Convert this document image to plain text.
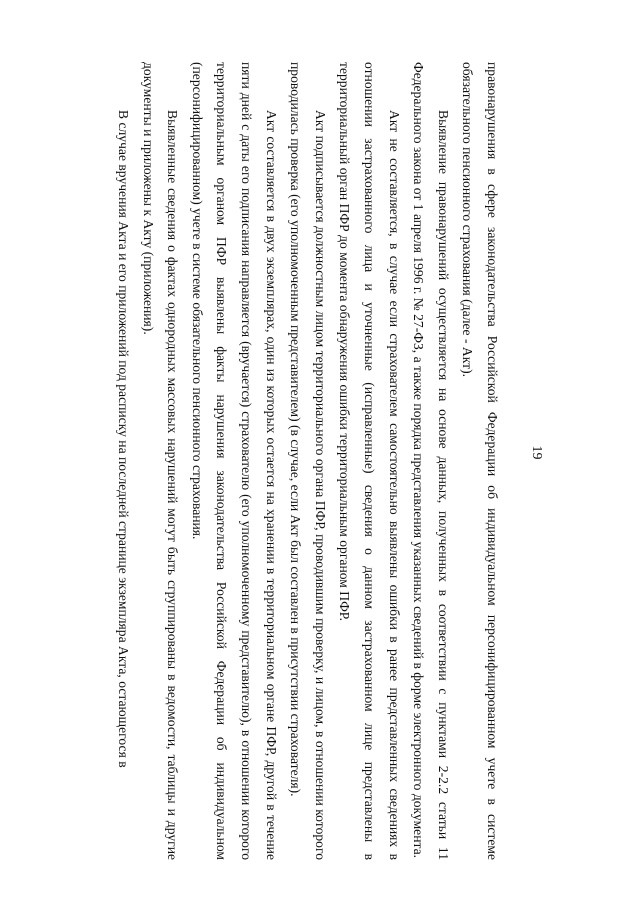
19

правонарушения в сфере законодательства Российской Федерации об индивидуальном персонифицированном учете в системе обязательного пенсионного страхования (далее - Акт).

Выявление правонарушений осуществляется на основе данных, полученных в соответствии с пунктами 2-2.2 статьи 11 Федерального закона от 1 апреля 1996 г. № 27-ФЗ, а также порядка представления указанных сведений в форме электронного документа.

Акт не составляется, в случае если страхователем самостоятельно выявлены ошибки в ранее представленных сведениях в отношении застрахованного лица и уточненные (исправленные) сведения о данном застрахованном лице представлены в территориальный орган ПФР до момента обнаружения ошибки территориальным органом ПФР.

Акт подписывается должностным лицом территориального органа ПФР, проводившим проверку, и лицом, в отношении которого проводилась проверка (его уполномоченным представителем) (в случае, если Акт был составлен в присутствии страхователя).

Акт составляется в двух экземплярах, один из которых остается на хранении в территориальном органе ПФР, другой в течение пяти дней с даты его подписания направляется (вручается) страхователю (его уполномоченному представителю), в отношении которого территориальным органом ПФР выявлены факты нарушения законодательства Российской Федерации об индивидуальном (персонифицированном) учете в системе обязательного пенсионного страхования.

Выявленные сведения о фактах однородных массовых нарушений могут быть сгруппированы в ведомости, таблицы и другие документы и приложены к Акту (приложения).

В случае вручения Акта и его приложений под расписку на последней странице экземпляра Акта, остающегося в
